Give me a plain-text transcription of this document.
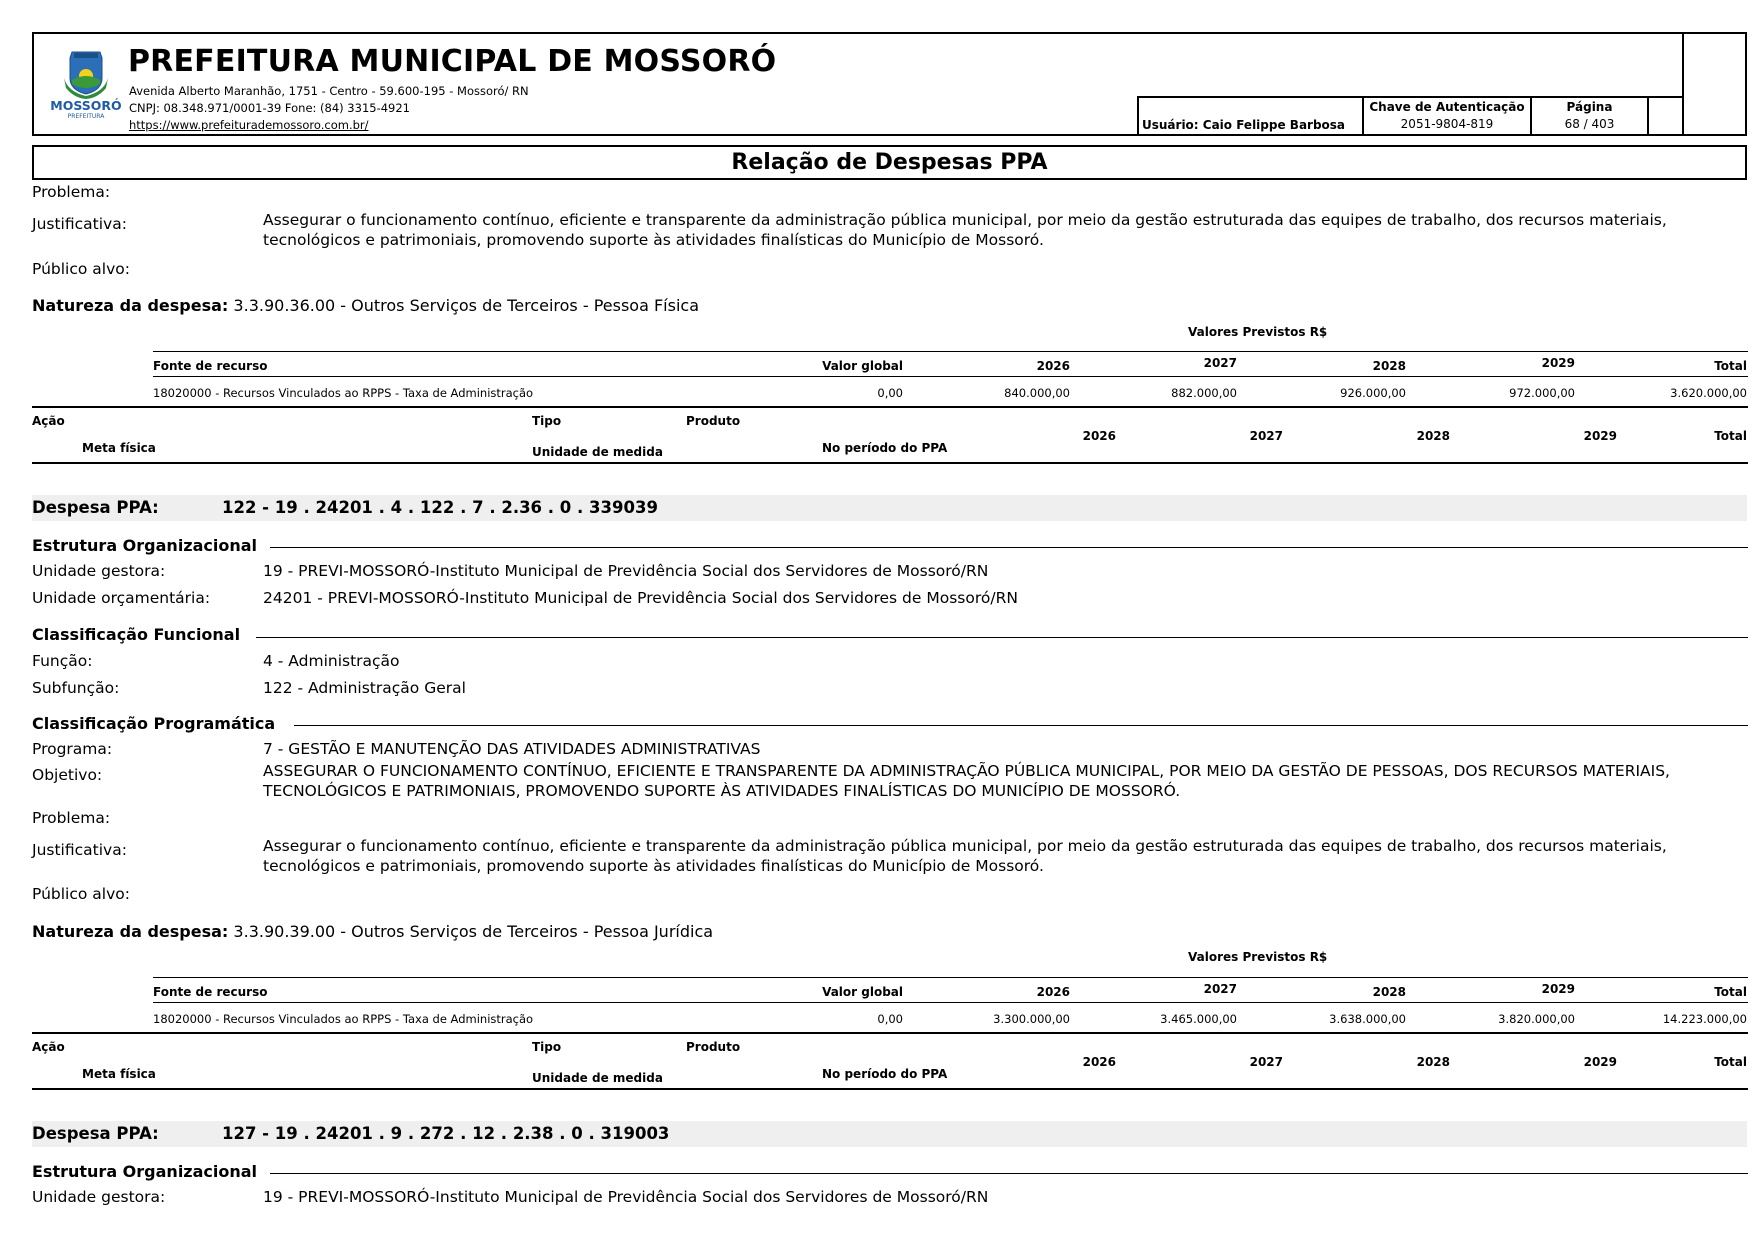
MOSSORÓ
PREFEITURA
PREFEITURA MUNICIPAL DE MOSSORÓ
Avenida Alberto Maranhão, 1751 - Centro - 59.600-195 - Mossoró/ RN
CNPJ: 08.348.971/0001-39 Fone: (84) 3315-4921
https://www.prefeiturademossoro.com.br/	Usuário: Caio Felippe Barbosa
Chave de Autenticação
2051-9804-819
Página
68 / 403
Relação de Despesas PPA
Problema:
Justificativa:	Assegurar o funcionamento contínuo, eficiente e transparente da administração pública municipal, por meio da gestão estruturada das equipes de trabalho, dos recursos materiais, tecnológicos e patrimoniais, promovendo suporte às atividades finalísticas do Município de Mossoró.
Público alvo:
Natureza da despesa: 3.3.90.36.00 - Outros Serviços de Terceiros - Pessoa Física
Valores Previstos R$
Fonte de recurso	Valor global	2026	2027	2028	2029	Total
18020000 - Recursos Vinculados ao RPPS - Taxa de Administração	0,00	840.000,00	882.000,00	926.000,00	972.000,00	3.620.000,00
Ação	Tipo	Produto
Meta física	Unidade de medida	No período do PPA
2026	2027	2028	2029	Total
Despesa PPA:	122 - 19 . 24201 . 4 . 122 . 7 . 2.36 . 0 . 339039
Estrutura Organizacional
Unidade gestora:	19 - PREVI-MOSSORÓ-Instituto Municipal de Previdência Social dos Servidores de Mossoró/RN
Unidade orçamentária:	24201 - PREVI-MOSSORÓ-Instituto Municipal de Previdência Social dos Servidores de Mossoró/RN
Classificação Funcional
Função:	4 - Administração
Subfunção:	122 - Administração Geral
Classificação Programática
Programa:	7 - GESTÃO E MANUTENÇÃO DAS ATIVIDADES ADMINISTRATIVAS
Objetivo:	ASSEGURAR O FUNCIONAMENTO CONTÍNUO, EFICIENTE E TRANSPARENTE DA ADMINISTRAÇÃO PÚBLICA MUNICIPAL, POR MEIO DA GESTÃO DE PESSOAS, DOS RECURSOS MATERIAIS, TECNOLÓGICOS E PATRIMONIAIS, PROMOVENDO SUPORTE ÀS ATIVIDADES FINALÍSTICAS DO MUNICÍPIO DE MOSSORÓ.
Problema:
Justificativa:	Assegurar o funcionamento contínuo, eficiente e transparente da administração pública municipal, por meio da gestão estruturada das equipes de trabalho, dos recursos materiais, tecnológicos e patrimoniais, promovendo suporte às atividades finalísticas do Município de Mossoró.
Público alvo:
Natureza da despesa: 3.3.90.39.00 - Outros Serviços de Terceiros - Pessoa Jurídica
Valores Previstos R$
Fonte de recurso	Valor global	2026	2027	2028	2029	Total
18020000 - Recursos Vinculados ao RPPS - Taxa de Administração	0,00	3.300.000,00	3.465.000,00	3.638.000,00	3.820.000,00	14.223.000,00
Ação	Tipo	Produto
Meta física	Unidade de medida	No período do PPA
2026	2027	2028	2029	Total
Despesa PPA:	127 - 19 . 24201 . 9 . 272 . 12 . 2.38 . 0 . 319003
Estrutura Organizacional
Unidade gestora:	19 - PREVI-MOSSORÓ-Instituto Municipal de Previdência Social dos Servidores de Mossoró/RN
